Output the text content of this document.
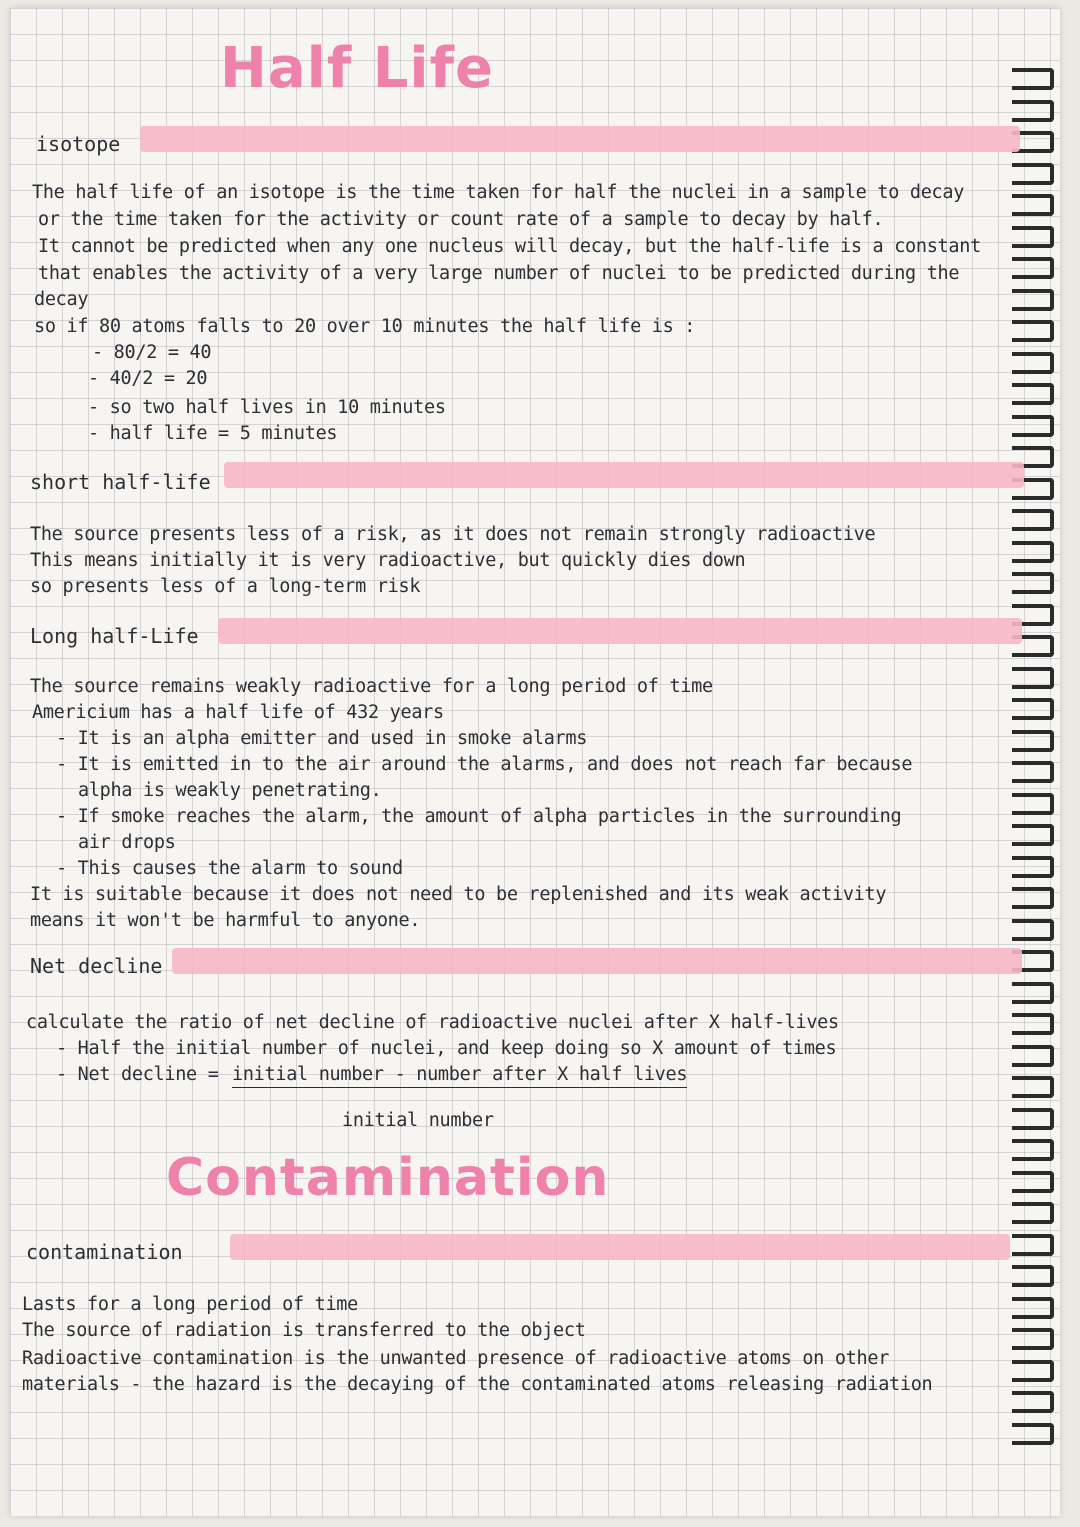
Half Life
isotope
The half life of an isotope is the time taken for half the nuclei in a sample to decay
or the time taken for the activity or count rate of a sample to decay by half.
It cannot be predicted when any one nucleus will decay, but the half-life is a constant
that enables the activity of a very large number of nuclei to be predicted during the
decay
so if 80 atoms falls to 20 over 10 minutes the half life is :
- 80/2 = 40
- 40/2 = 20
- so two half lives in 10 minutes
- half life = 5 minutes
short half-life
The source presents less of a risk, as it does not remain strongly radioactive
This means initially it is very radioactive, but quickly dies down
so presents less of a long-term risk
Long half-Life
The source remains weakly radioactive for a long period of time
Americium has a half life of 432 years
- It is an alpha emitter and used in smoke alarms
- It is emitted in to the air around the alarms, and does not reach far because
alpha is weakly penetrating.
- If smoke reaches the alarm, the amount of alpha particles in the surrounding
air drops
- This causes the alarm to sound
It is suitable because it does not need to be replenished and its weak activity
means it won't be harmful to anyone.
Net decline
calculate the ratio of net decline of radioactive nuclei after X half-lives
- Half the initial number of nuclei, and keep doing so X amount of times
- Net decline = initial number - number after X half lives
initial number
Contamination
contamination
Lasts for a long period of time
The source of radiation is transferred to the object
Radioactive contamination is the unwanted presence of radioactive atoms on other
materials - the hazard is the decaying of the contaminated atoms releasing radiation
